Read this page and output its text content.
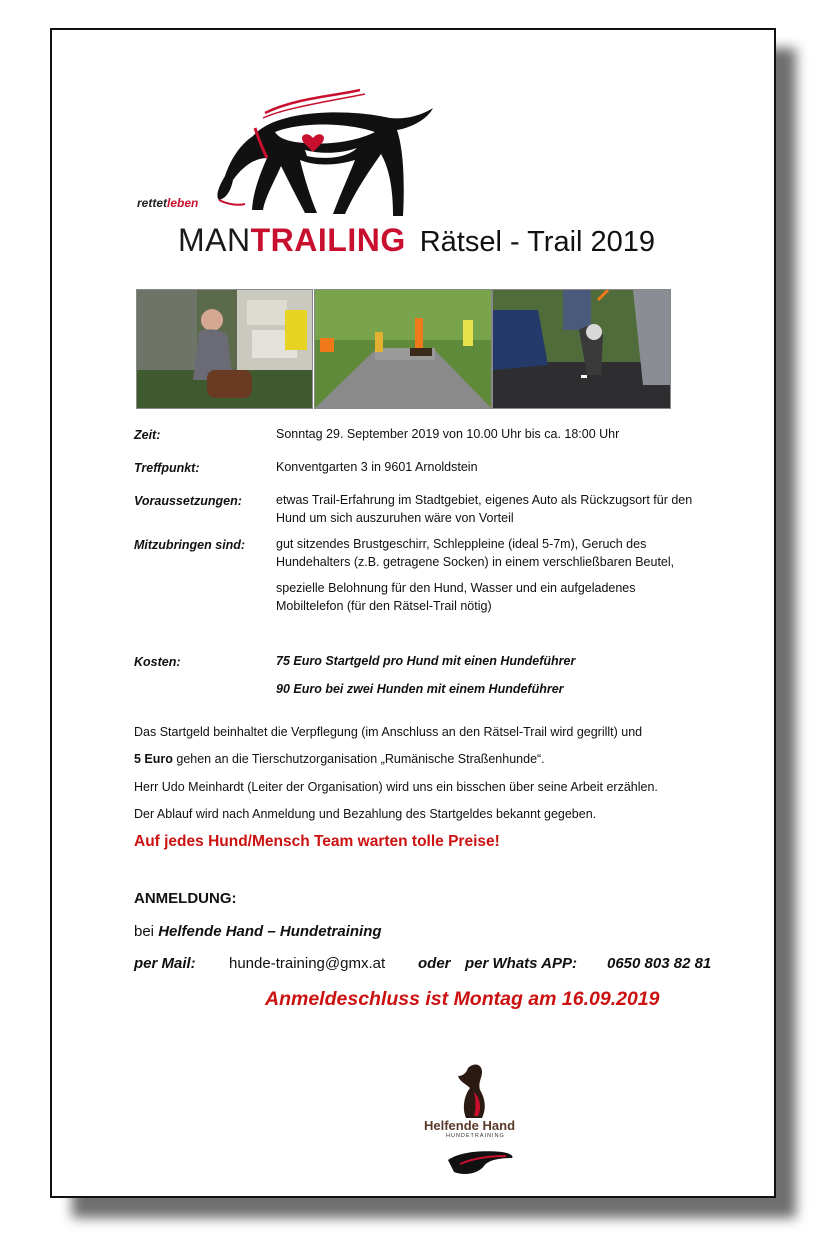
rettetleben
MANTRAILING Rätsel - Trail 2019
Zeit:	Sonntag 29. September 2019 von 10.00 Uhr bis ca. 18:00 Uhr
Treffpunkt:	Konventgarten 3 in 9601 Arnoldstein
Voraussetzungen:	etwas Trail-Erfahrung im Stadtgebiet, eigenes Auto als Rückzugsort für den
Hund um sich auszuruhen wäre von Vorteil
Mitzubringen sind: gut sitzendes Brustgeschirr, Schleppleine (ideal 5-7m), Geruch des
Hundehalters (z.B. getragene Socken) in einem verschließbaren Beutel,
spezielle Belohnung für den Hund, Wasser und ein aufgeladenes
Mobiltelefon (für den Rätsel-Trail nötig)
Kosten:	75 Euro Startgeld pro Hund mit einen Hundeführer
90 Euro bei zwei Hunden mit einem Hundeführer
Das Startgeld beinhaltet die Verpflegung (im Anschluss an den Rätsel-Trail wird gegrillt) und
5 Euro gehen an die Tierschutzorganisation „Rumänische Straßenhunde“.
Herr Udo Meinhardt (Leiter der Organisation) wird uns ein bisschen über seine Arbeit erzählen.
Der Ablauf wird nach Anmeldung und Bezahlung des Startgeldes bekannt gegeben.
Auf jedes Hund/Mensch Team warten tolle Preise!
ANMELDUNG:
bei Helfende Hand – Hundetraining
per Mail: hunde-training@gmx.at oder per Whats APP: 0650 803 82 81
Anmeldeschluss ist Montag am 16.09.2019
Helfende Hand
HUNDETRAINING
